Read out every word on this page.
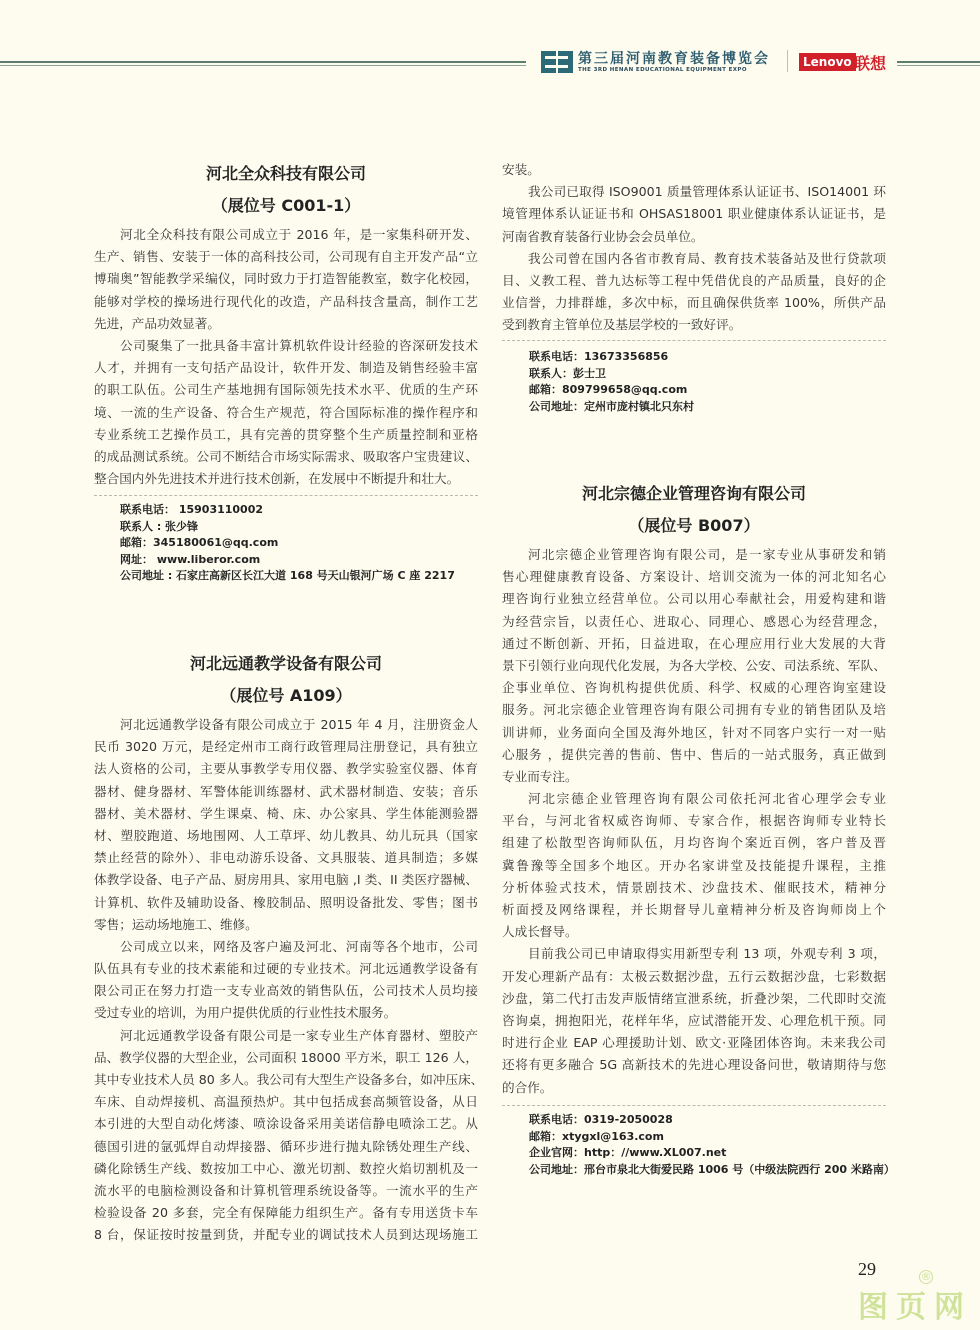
第三届河南教育装备博览会
THE 3RD HENAN EDUCATIONAL EQUIPMENT EXPO
Lenovo 联想
河北全众科技有限公司
（展位号 C001-1）
河北全众科技有限公司成立于 2016 年，是一家集科研开发、
生产、销售、安装于一体的高科技公司，公司现有自主开发产品“立
博瑞奥”智能教学采编仪，同时致力于打造智能教室，数字化校园，
能够对学校的操场进行现代化的改造，产品科技含量高，制作工艺
先进，产品功效显著。
公司聚集了一批具备丰富计算机软件设计经验的咨深研发技术
人才，并拥有一支句括产品设计，软件开发、制造及销售经验丰富
的职工队伍。公司生产基地拥有国际领先技术水平、优质的生产环
境、一流的生产设备、符合生产规范，符合国际标准的操作程序和
专业系统工艺操作员工，具有完善的贯穿整个生产质量控制和亚格
的成品测试系统。公司不断结合市场实际需求、吸取客户宝贵建议、
整合国内外先进技术并进行技术创新，在发展中不断提升和壮大。
联系电话： 15903110002
联系人 : 张少锋
邮箱：345180061@qq.com
网址： www.liberor.com
公司地址 : 石家庄高新区长江大道 168 号天山银河广场 C 座 2217
河北远通教学设备有限公司
（展位号 A109）
河北远通教学设备有限公司成立于 2015 年 4 月，注册资金人
民币 3020 万元，是经定州市工商行政管理局注册登记，具有独立
法人资格的公司，主要从事教学专用仪器、教学实验室仪器、体育
器材、健身器材、军警体能训练器材、武术器材制造、安装；音乐
器材、美术器材、学生课桌、椅、床、办公家具、学生体能测验器
材、塑胶跑道、场地围网、人工草坪、幼儿教具、幼儿玩具（国家
禁止经营的除外）、非电动游乐设备、文具服装、道具制造；多媒
体教学设备、电子产品、厨房用具、家用电脑 ,I 类、II 类医疗器械、
计算机、软件及辅助设备、橡胶制品、照明设备批发、零售；图书
零售；运动场地施工、维修。
公司成立以来，网络及客户遍及河北、河南等各个地市，公司
队伍具有专业的技术素能和过硬的专业技术。河北远通教学设备有
限公司正在努力打造一支专业高效的销售队伍，公司技术人员均接
受过专业的培训，为用户提供优质的行业性技术服务。
河北远通教学设备有限公司是一家专业生产体育器材、塑胶产
品、教学仪器的大型企业，公司面积 18000 平方米，职工 126 人，
其中专业技术人员 80 多人。我公司有大型生产设备多台，如冲压床、
车床、自动焊接机、高温预热炉。其中包括成套高频管设备，从日
本引进的大型自动化烤漆、喷涂设备采用美诺信静电喷涂工艺。从
德国引进的氩弧焊自动焊接器、循环步进行抛丸除锈处理生产线、
磷化除锈生产线、数按加工中心、激光切割、数控火焰切割机及一
流水平的电脑检测设备和计算机管理系统设备等。一流水平的生产
检验设备 20 多套，完全有保障能力组织生产。备有专用送货卡车
8 台，保证按时按量到货，并配专业的调试技术人员到达现场施工
安装。
我公司已取得 ISO9001 质量管理体系认证证书、ISO14001 环
境管理体系认证证书和 OHSAS18001 职业健康体系认证证书，是
河南省教育装备行业协会会员单位。
我公司曾在国内各省市教育局、教育技术装备站及世行贷款项
目、义教工程、普九达标等工程中凭借优良的产品质量，良好的企
业信誉，力排群雄，多次中标，而且确保供货率 100%，所供产品
受到教育主管单位及基层学校的一致好评。
联系电话：13673356856
联系人：彭士卫
邮箱：809799658@qq.com
公司地址：定州市庞村镇北只东村
河北宗德企业管理咨询有限公司
（展位号 B007）
河北宗德企业管理咨询有限公司，是一家专业从事研发和销
售心理健康教育设备、方案设计、培训交流为一体的河北知名心
理咨询行业独立经营单位。公司以用心奉献社会，用爱构建和谐
为经营宗旨，以责任心、进取心、同理心、感恩心为经营理念，
通过不断创新、开拓，日益进取，在心理应用行业大发展的大背
景下引领行业向现代化发展，为各大学校、公安、司法系统、军队、
企事业单位、咨询机构提供优质、科学、权威的心理咨询室建设
服务。河北宗德企业管理咨询有限公司拥有专业的销售团队及培
训讲师，业务面向全国及海外地区，针对不同客户实行一对一贴
心服务 ，提供完善的售前、售中、售后的一站式服务，真正做到
专业而专注。
河北宗德企业管理咨询有限公司依托河北省心理学会专业
平台，与河北省权威咨询师、专家合作，根据咨询师专业特长
组建了松散型咨询师队伍，月均咨询个案近百例，客户普及晋
冀鲁豫等全国多个地区。开办名家讲堂及技能提升课程，主推
分析体验式技术，情景剧技术、沙盘技术、催眠技术，精神分
析面授及网络课程，并长期督导儿童精神分析及咨询师岗上个
人成长督导。
目前我公司已申请取得实用新型专利 13 项，外观专利 3 项，
开发心理新产品有：太极云数据沙盘，五行云数据沙盘，七彩数据
沙盘，第二代打击发声版情绪宣泄系统，折叠沙架，二代即时交流
咨询桌，拥抱阳光，花样年华，应试潜能开发、心理危机干预。同
时进行企业 EAP 心理援助计划、欧文·亚隆团体咨询。未来我公司
还将有更多融合 5G 高新技术的先进心理设备问世，敬请期待与您
的合作。
联系电话：0319-2050028
邮箱：xtygxl@163.com
企业官网：http：//www.XL007.net
公司地址：邢台市泉北大街爱民路 1006 号（中级法院西行 200 米路南）
29
图页网
®
